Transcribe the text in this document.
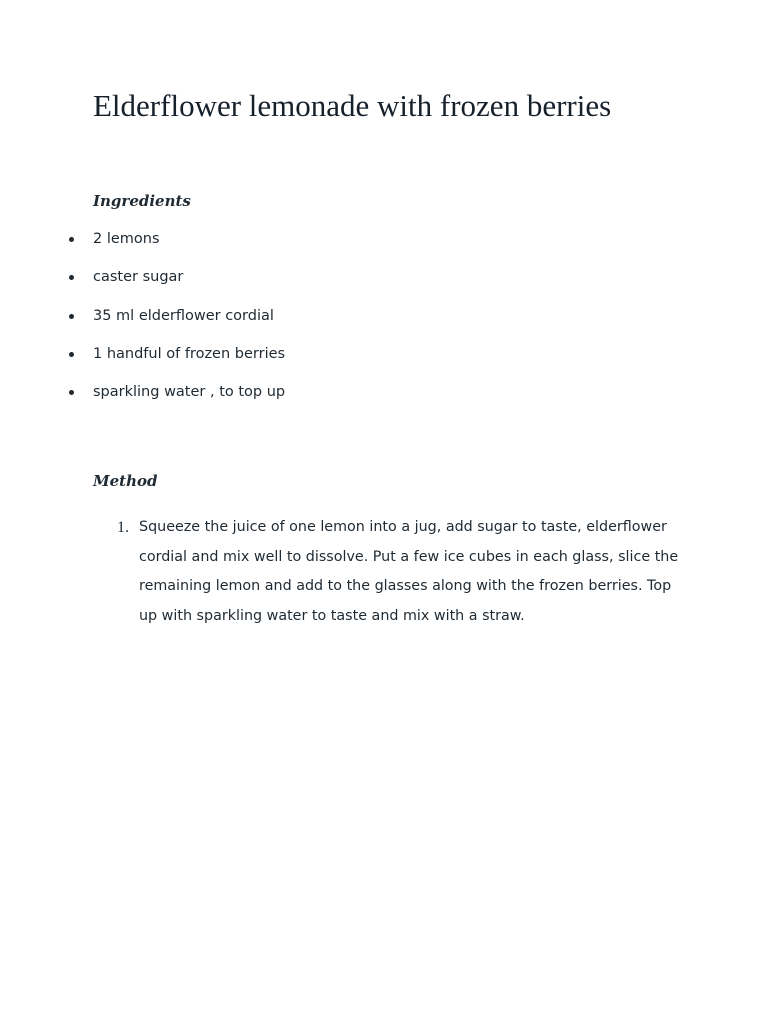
Elderflower lemonade with frozen berries
Ingredients
2 lemons
caster sugar
35 ml elderflower cordial
1 handful of frozen berries
sparkling water , to top up
Method
1. Squeeze the juice of one lemon into a jug, add sugar to taste, elderflower cordial and mix well to dissolve. Put a few ice cubes in each glass, slice the remaining lemon and add to the glasses along with the frozen berries. Top up with sparkling water to taste and mix with a straw.
